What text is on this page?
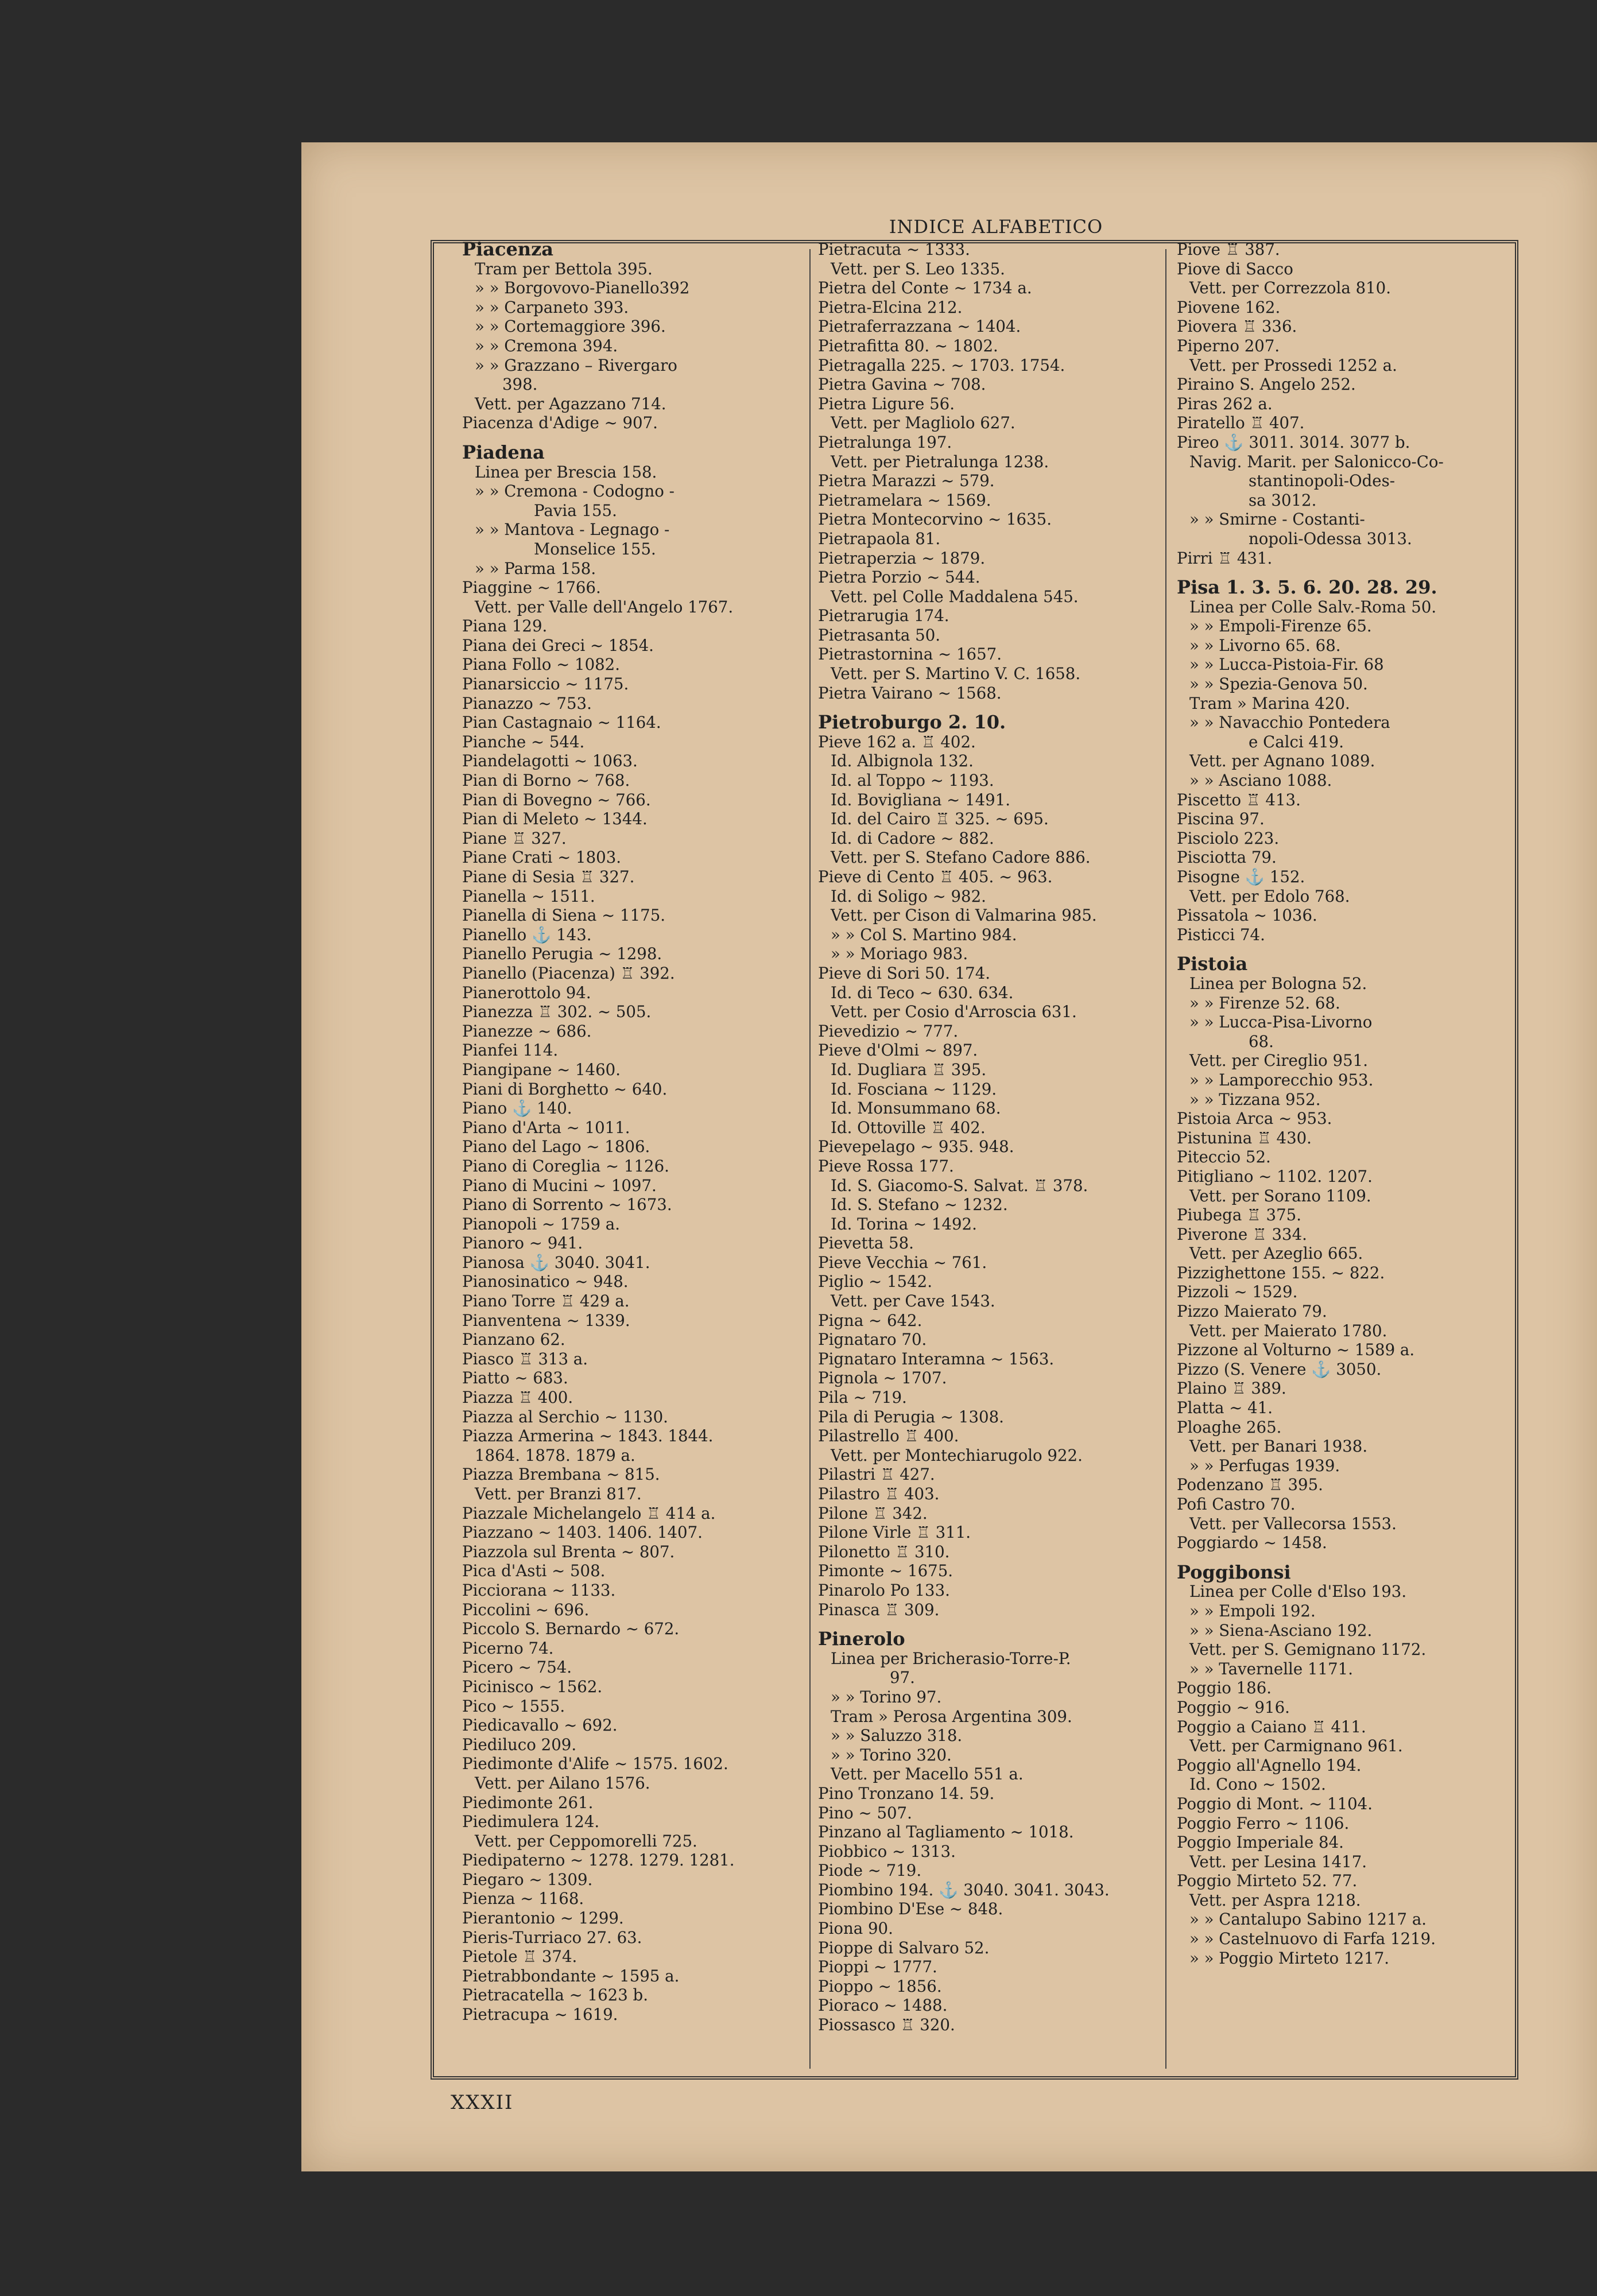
INDICE ALFABETICO
Piacenza
Tram per Bettola 395.
» » Borgovovo-Pianello392
» » Carpaneto 393.
» » Cortemaggiore 396.
» » Cremona 394.
» » Grazzano – Rivergaro
398.
Vett. per Agazzano 714.
Piacenza d'Adige ~ 907.
Piadena
Linea per Brescia 158.
» » Cremona - Codogno -
Pavia 155.
» » Mantova - Legnago -
Monselice 155.
» » Parma 158.
Piaggine ~ 1766.
Vett. per Valle dell'Angelo 1767.
Piana 129.
Piana dei Greci ~ 1854.
Piana Follo ~ 1082.
Pianarsiccio ~ 1175.
Pianazzo ~ 753.
Pian Castagnaio ~ 1164.
Pianche ~ 544.
Piandelagotti ~ 1063.
Pian di Borno ~ 768.
Pian di Bovegno ~ 766.
Pian di Meleto ~ 1344.
Piane ♖ 327.
Piane Crati ~ 1803.
Piane di Sesia ♖ 327.
Pianella ~ 1511.
Pianella di Siena ~ 1175.
Pianello ⚓ 143.
Pianello Perugia ~ 1298.
Pianello (Piacenza) ♖ 392.
Pianerottolo 94.
Pianezza ♖ 302. ~ 505.
Pianezze ~ 686.
Pianfei 114.
Piangipane ~ 1460.
Piani di Borghetto ~ 640.
Piano ⚓ 140.
Piano d'Arta ~ 1011.
Piano del Lago ~ 1806.
Piano di Coreglia ~ 1126.
Piano di Mucini ~ 1097.
Piano di Sorrento ~ 1673.
Pianopoli ~ 1759 a.
Pianoro ~ 941.
Pianosa ⚓ 3040. 3041.
Pianosinatico ~ 948.
Piano Torre ♖ 429 a.
Pianventena ~ 1339.
Pianzano 62.
Piasco ♖ 313 a.
Piatto ~ 683.
Piazza ♖ 400.
Piazza al Serchio ~ 1130.
Piazza Armerina ~ 1843. 1844.
1864. 1878. 1879 a.
Piazza Brembana ~ 815.
Vett. per Branzi 817.
Piazzale Michelangelo ♖ 414 a.
Piazzano ~ 1403. 1406. 1407.
Piazzola sul Brenta ~ 807.
Pica d'Asti ~ 508.
Picciorana ~ 1133.
Piccolini ~ 696.
Piccolo S. Bernardo ~ 672.
Picerno 74.
Picero ~ 754.
Picinisco ~ 1562.
Pico ~ 1555.
Piedicavallo ~ 692.
Piediluco 209.
Piedimonte d'Alife ~ 1575. 1602.
Vett. per Ailano 1576.
Piedimonte 261.
Piedimulera 124.
Vett. per Ceppomorelli 725.
Piedipaterno ~ 1278. 1279. 1281.
Piegaro ~ 1309.
Pienza ~ 1168.
Pierantonio ~ 1299.
Pieris-Turriaco 27. 63.
Pietole ♖ 374.
Pietrabbondante ~ 1595 a.
Pietracatella ~ 1623 b.
Pietracupa ~ 1619.
Pietracuta ~ 1333.
Vett. per S. Leo 1335.
Pietra del Conte ~ 1734 a.
Pietra-Elcina 212.
Pietraferrazzana ~ 1404.
Pietrafitta 80. ~ 1802.
Pietragalla 225. ~ 1703. 1754.
Pietra Gavina ~ 708.
Pietra Ligure 56.
Vett. per Magliolo 627.
Pietralunga 197.
Vett. per Pietralunga 1238.
Pietra Marazzi ~ 579.
Pietramelara ~ 1569.
Pietra Montecorvino ~ 1635.
Pietrapaola 81.
Pietraperzia ~ 1879.
Pietra Porzio ~ 544.
Vett. pel Colle Maddalena 545.
Pietrarugia 174.
Pietrasanta 50.
Pietrastornina ~ 1657.
Vett. per S. Martino V. C. 1658.
Pietra Vairano ~ 1568.
Pietroburgo 2. 10.
Pieve 162 a. ♖ 402.
Id. Albignola 132.
Id. al Toppo ~ 1193.
Id. Bovigliana ~ 1491.
Id. del Cairo ♖ 325. ~ 695.
Id. di Cadore ~ 882.
Vett. per S. Stefano Cadore 886.
Pieve di Cento ♖ 405. ~ 963.
Id. di Soligo ~ 982.
Vett. per Cison di Valmarina 985.
» » Col S. Martino 984.
» » Moriago 983.
Pieve di Sori 50. 174.
Id. di Teco ~ 630. 634.
Vett. per Cosio d'Arroscia 631.
Pievedizio ~ 777.
Pieve d'Olmi ~ 897.
Id. Dugliara ♖ 395.
Id. Fosciana ~ 1129.
Id. Monsummano 68.
Id. Ottoville ♖ 402.
Pievepelago ~ 935. 948.
Pieve Rossa 177.
Id. S. Giacomo-S. Salvat. ♖ 378.
Id. S. Stefano ~ 1232.
Id. Torina ~ 1492.
Pievetta 58.
Pieve Vecchia ~ 761.
Piglio ~ 1542.
Vett. per Cave 1543.
Pigna ~ 642.
Pignataro 70.
Pignataro Interamna ~ 1563.
Pignola ~ 1707.
Pila ~ 719.
Pila di Perugia ~ 1308.
Pilastrello ♖ 400.
Vett. per Montechiarugolo 922.
Pilastri ♖ 427.
Pilastro ♖ 403.
Pilone ♖ 342.
Pilone Virle ♖ 311.
Pilonetto ♖ 310.
Pimonte ~ 1675.
Pinarolo Po 133.
Pinasca ♖ 309.
Pinerolo
Linea per Bricherasio-Torre-P.
97.
» » Torino 97.
Tram » Perosa Argentina 309.
» » Saluzzo 318.
» » Torino 320.
Vett. per Macello 551 a.
Pino Tronzano 14. 59.
Pino ~ 507.
Pinzano al Tagliamento ~ 1018.
Piobbico ~ 1313.
Piode ~ 719.
Piombino 194. ⚓ 3040. 3041. 3043.
Piombino D'Ese ~ 848.
Piona 90.
Pioppe di Salvaro 52.
Pioppi ~ 1777.
Pioppo ~ 1856.
Pioraco ~ 1488.
Piossasco ♖ 320.
Piove ♖ 387.
Piove di Sacco
Vett. per Correzzola 810.
Piovene 162.
Piovera ♖ 336.
Piperno 207.
Vett. per Prossedi 1252 a.
Piraino S. Angelo 252.
Piras 262 a.
Piratello ♖ 407.
Pireo ⚓ 3011. 3014. 3077 b.
Navig. Marit. per Salonicco-Co-
stantinopoli-Odes-
sa 3012.
» » Smirne - Costanti-
nopoli-Odessa 3013.
Pirri ♖ 431.
Pisa 1. 3. 5. 6. 20. 28. 29.
Linea per Colle Salv.-Roma 50.
» » Empoli-Firenze 65.
» » Livorno 65. 68.
» » Lucca-Pistoia-Fir. 68
» » Spezia-Genova 50.
Tram » Marina 420.
» » Navacchio Pontedera
e Calci 419.
Vett. per Agnano 1089.
» » Asciano 1088.
Piscetto ♖ 413.
Piscina 97.
Pisciolo 223.
Pisciotta 79.
Pisogne ⚓ 152.
Vett. per Edolo 768.
Pissatola ~ 1036.
Pisticci 74.
Pistoia
Linea per Bologna 52.
» » Firenze 52. 68.
» » Lucca-Pisa-Livorno
68.
Vett. per Cireglio 951.
» » Lamporecchio 953.
» » Tizzana 952.
Pistoia Arca ~ 953.
Pistunina ♖ 430.
Piteccio 52.
Pitigliano ~ 1102. 1207.
Vett. per Sorano 1109.
Piubega ♖ 375.
Piverone ♖ 334.
Vett. per Azeglio 665.
Pizzighettone 155. ~ 822.
Pizzoli ~ 1529.
Pizzo Maierato 79.
Vett. per Maierato 1780.
Pizzone al Volturno ~ 1589 a.
Pizzo (S. Venere ⚓ 3050.
Plaino ♖ 389.
Platta ~ 41.
Ploaghe 265.
Vett. per Banari 1938.
» » Perfugas 1939.
Podenzano ♖ 395.
Pofi Castro 70.
Vett. per Vallecorsa 1553.
Poggiardo ~ 1458.
Poggibonsi
Linea per Colle d'Elso 193.
» » Empoli 192.
» » Siena-Asciano 192.
Vett. per S. Gemignano 1172.
» » Tavernelle 1171.
Poggio 186.
Poggio ~ 916.
Poggio a Caiano ♖ 411.
Vett. per Carmignano 961.
Poggio all'Agnello 194.
Id. Cono ~ 1502.
Poggio di Mont. ~ 1104.
Poggio Ferro ~ 1106.
Poggio Imperiale 84.
Vett. per Lesina 1417.
Poggio Mirteto 52. 77.
Vett. per Aspra 1218.
» » Cantalupo Sabino 1217 a.
» » Castelnuovo di Farfa 1219.
» » Poggio Mirteto 1217.
XXXII
